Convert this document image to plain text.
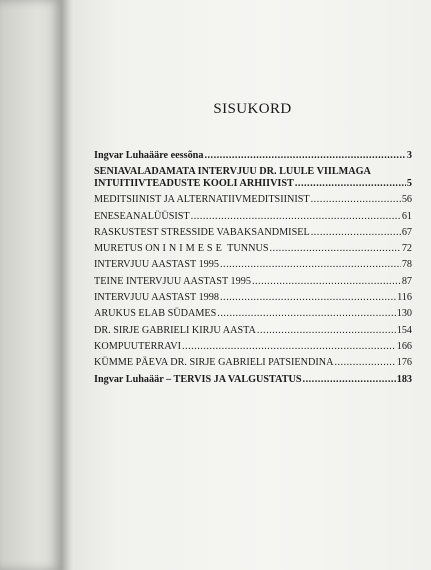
SISUKORD
Ingvar Luhaääre eessõna .....	3
SENIAVALADAMATA INTERVJUU DR. LUULE VIILMAGA
INTUITIIVTEADUSTE KOOLI ARHIIVIST .....	5
MEDITSIINIST JA ALTERNATIIVMEDITSIINIST .....	56
ENESEANALÜÜSIST .....	61
RASKUSTEST STRESSIDE VABAKSANDMISEL .....	67
MURETUS ON INIMESE TUNNUS .....	72
INTERVJUU AASTAST 1995 .....	78
TEINE INTERVJUU AASTAST 1995 .....	87
INTERVJUU AASTAST 1998 .....	116
ARUKUS ELAB SÜDAMES .....	130
DR. SIRJE GABRIELI KIRJU AASTA .....	154
KOMPUUTERRAVI .....	166
KÜMME PÄEVA DR. SIRJE GABRIELI PATSIENDINA .....	176
Ingvar Luhaäär – TERVIS JA VALGUSTATUS .....	183
